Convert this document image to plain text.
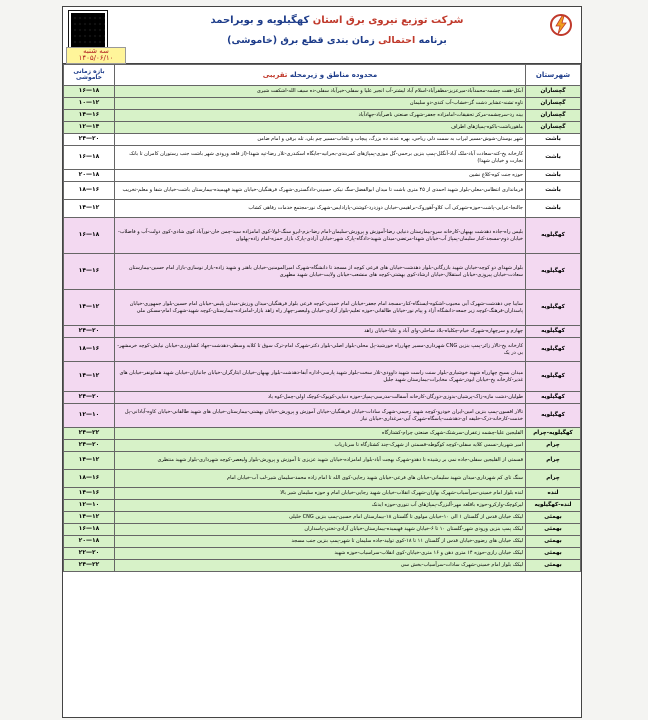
شرکت توزیع نیروی برق استان کهگیلویه و بویراحمد
برنامه احتمالی زمان بندی قطع برق (خاموشی)
سه شنبه
۱۴۰۵/۰۶/۱۰
شهرستان	محدوده مناطق و زیرمحله تقریبی	بازه زمانی خاموشی
گچساران	آبکل-هفت چشمه-محمدآباد-میرعزیز-مظفرآباد-اسلام آباد لیشتر-آب انجیر علیا و سفلی-خیرآباد سفلی-ده سیف الله-اشکفت شیری	۱۶—۱۸
گچساران	تاوه تشنه-عشایر دشت گز-خشاب-آب کندی-دو سلیمان	۱۰—۱۲
گچساران	بینه رد-سرچشمه-مرکز تحقیقات-امامزاده جعفر-شهرک صنعتی ناصرآباد-جهادآباد	۱۴—۱۶
گچساران	ماهورباشت-باکوه-پمپاژهای اطراف	۱۲—۱۴
باشت	شهر بوستان-شوش-مسیر لیراب به سمت دلی ریاحی، بهره عدنه ده بزرگ، پیچاب و تلخاب-مسیر چم بلی، تله برقی و امام ضامن	۲۴—۲۰
باشت	کارخانه یخ-کته-سعادت آباد-ملک آباد-آنگلل-پمپ بنزین برحمی-گل موزی-پمپاژهای کمربندی-بحرانیه-جایگاه اسکندری-تلار رضا-تپه شهدا-(از قلعه ورودی شهر باشت جنب رستوران کامران تا بانک تجارت و خیابان شهدا)	۱۶—۱۸
باشت	حوزه جنت کوه-کلاغ نشین	۲۰—۱۸
باشت	فرمانداری انتظامی-معلی-بلوار شهید احمدی از ۴۵ متری باشت تا میدان ابوالفضل-سگ نیکی حسینی-دادگستری-شهرک فرهنگیان-خیابان شهید قهیمیده-بیمارستان باشت-خیابان شفا و معلم-تخریب	۱۸—۱۶
باشت	جالنجا-عرابی-پاشت-حوزه-شهرکی آب کلاو-آهوروک-براهیمی-خیابان دوزدرد-کوشتی-پارادایس-شهرک نور-مجتمع خدمات رفاهی کشاب	۱۴—۱۲
کهگیلویه	بلیس راه-جاده دهدشت بهبهان-کارخانه سرو-بیمارستان دنیایی رضا-آموزش و پرورش-سلیمان-امام رضا-بزم-ابرو سنگ-لولا-کوی امامزاده سید-چمن خان-نورآباد کوی شادی-کوی دولت-آب و فاضلاب-خیابان دوم-مسجد-کنار سلیمان-پمپاژ آب-خیابان شهدا-مرتضی-میدان شهید-دادگاه-پارک شهر-خیابان آزادی-پارک بازار حمزه-امام زاده-پهلوان	۱۶—۱۸
کهگیلویه	بلوار شهدای دو کوچه-خیابان شهید بازرگانی-بلوار دهدشت-خیابان های فرعی کوچه از مسجد تا دانشگاه-شهرک امیرالمومنین-خیابان باهنر و شهید زاده-بازار نوسازی-بازار امام حسین-بیمارستان سعادت-خیابان پیروزی-خیابان استقلال-خیابان ارشاد-کوی بهشتی-کوچه های منشعب-خیابان ولایت-خیابان شهید مطهری	۱۴—۱۶
کهگیلویه	سایبا چی دهدشت-شهرک آبی محبوب-اشکوه-ایستگاه-کنار-مسجد امام جعفر-خیابان امام خمینی-کوچه فرعی بلوار فرهنگیان-میدان ورزش-میدان پلیس-خیابان امام حسین-بلوار جمهوری-خیابان پاسداران-فرهنگ-کوچه زیر جمعه-دانشگاه آزاد و پیام نور-خیابان طالقانی-حوزه تعلیم-بلوار آزادی-خیابان ولیعصر-چهار راه زاهد بازار-امامزاده-بیمارستان-کوچه شهید-شهرک امام-مسکن ملی	۱۴—۱۲
کهگیلویه	چهارم و سرچهاره-شهرک خیام-چکلیاه-بلاد ساحلی-وای آباد و علیا-خیابان زاهد	۲۴—۲۰
کهگیلویه	کارخانه یخ-تالار زائر-پمپ بنزین CNG شهرداری-مسیر چهارراه خورشید-پل محلی-بلوار اصلی-بلوار دکتر-شهرک امام-ترک سوق تا کلابه وسطی-دهدشت-جهاد کشاورزی-خیابان نیایش-کوچه خرمشهر-بی در یک	۱۸—۱۶
کهگیلویه	میدان بسیج چهارراه شهید خوشیاری-بلوار سنت راست شهید داوودی-تلار سخت-بلوار شهید پارسی-اداره آبفا-دهدشت-بلوار بهبهان-خیابان ایثارگران-خیابان جانبازان-خیابان شهید همایونفر-خیابان های غدیر-کارخانه یخ-خیابان ابوذر-شهرک مخابرات-بیمارستان شهید جلیل	۱۴—۱۲
کهگیلویه	طولیان-دشت مازه-زاک-پرشیان-بدوزی-دورگان-کارخانه آسفالت-مدرسی-پمپاژ-حوزه دنیایی-کوپوک-کوچک اولی-چمل-کوه یاد	۲۴—۲۰
کهگیلویه	تالار افسون-پمپ بنزین امین-ایران خودرو-کوچه شهید رحیمی-شهرک سادات-خیابان فرهنگیان-خیابان آموزش و پرورش-خیابان بهشتی-بیمارستان-خیابان های شهید طالقانی-خیابان کاوه-آبادانی-پل خدمت-کارخانه-درک-خلیفه ای-دهدشت-پاسگاه-شهرک آبی-مرغداری-خیابان نیاز	۱۲—۱۰
کهگیلویه-چرام	القلیجین علیا-چشمه زعفران-سرشتک-شهرک صنعتی چرام-کشتارگاه	۲۴—۲۲
چرام	امیر شهریار-نسمی کلایه سفلی-کوچه کوگوطه-قسمتی از شهرک-چند کشتارگاه تا سرناریاب	۲۴—۲۰
چرام	قسمتی از القلیجین سفلی-جاده نمی بر رشیده تا دهدو-شهرک بهجت آباد-بلوار امامزاده-خیابان شهید عزیزی تا آموزش و پرورش-بلوار ولیعصر-کوچه شهرداری-بلوار شهید منتظری	۱۴—۱۲
چرام	سنگ تای کم شهرداری-میدان شهید سلیمانی-خیابان های فرعی-خیابان شهید رجایی-کوی الله تا امام زاده محمد-سلیمان شیر-لب آب-خیابان امام	۱۸—۱۶
لنده	لنده بلوار امام خمینی-سرآسیاب-شهرک بهاران-شهرک انقلاب-خیابان شهید رجایی-خیابان امام و حوزه سلیمان شیر بالا	۱۴—۱۶
لنده-کهگیلویه	لیرکوچک-وارکرو-حوزه باقلعه مهر-آلبزرگ-پمپاژهای آب تنوری-حوزه ایدنک	۱۲—۱۰
بهمئی	لیکک خیابان قدس از گلستان ۱ الی ۱۰-خیابان مولوی تا گلستان ۱۸-بیمارستان امام حسین-پمپ بنزین CNG خلیلی	۱۴—۱۲
بهمئی	لیکک پمپ بنزین ورودی شهر-گلستان ۱۰ تا ۶-خیابان شهید قهیمیده-بیمارستان-خیابان آزادی-تختی-پاسداران	۱۶—۱۸
بهمئی	لیکک خیابان های رضوی-خیابان قدس از گلستان ۱۱ تا ۱۸-کوی تولید-جاده سلیمان تا شهر-پمپ بنزین جنب مسجد	۲۰—۱۸
بهمئی	لیکک خیابان رازی-حوزه ۱۴ متری دهن و ۱۶ متری-خیابان-کوی انقلاب-سراسیاب-حوزه شهید	۲۲—۲۰
بهمئی	لیکک بلوار امام خمینی-شهرک سادات-سرآسیاب-بخش سی	۲۴—۲۲
